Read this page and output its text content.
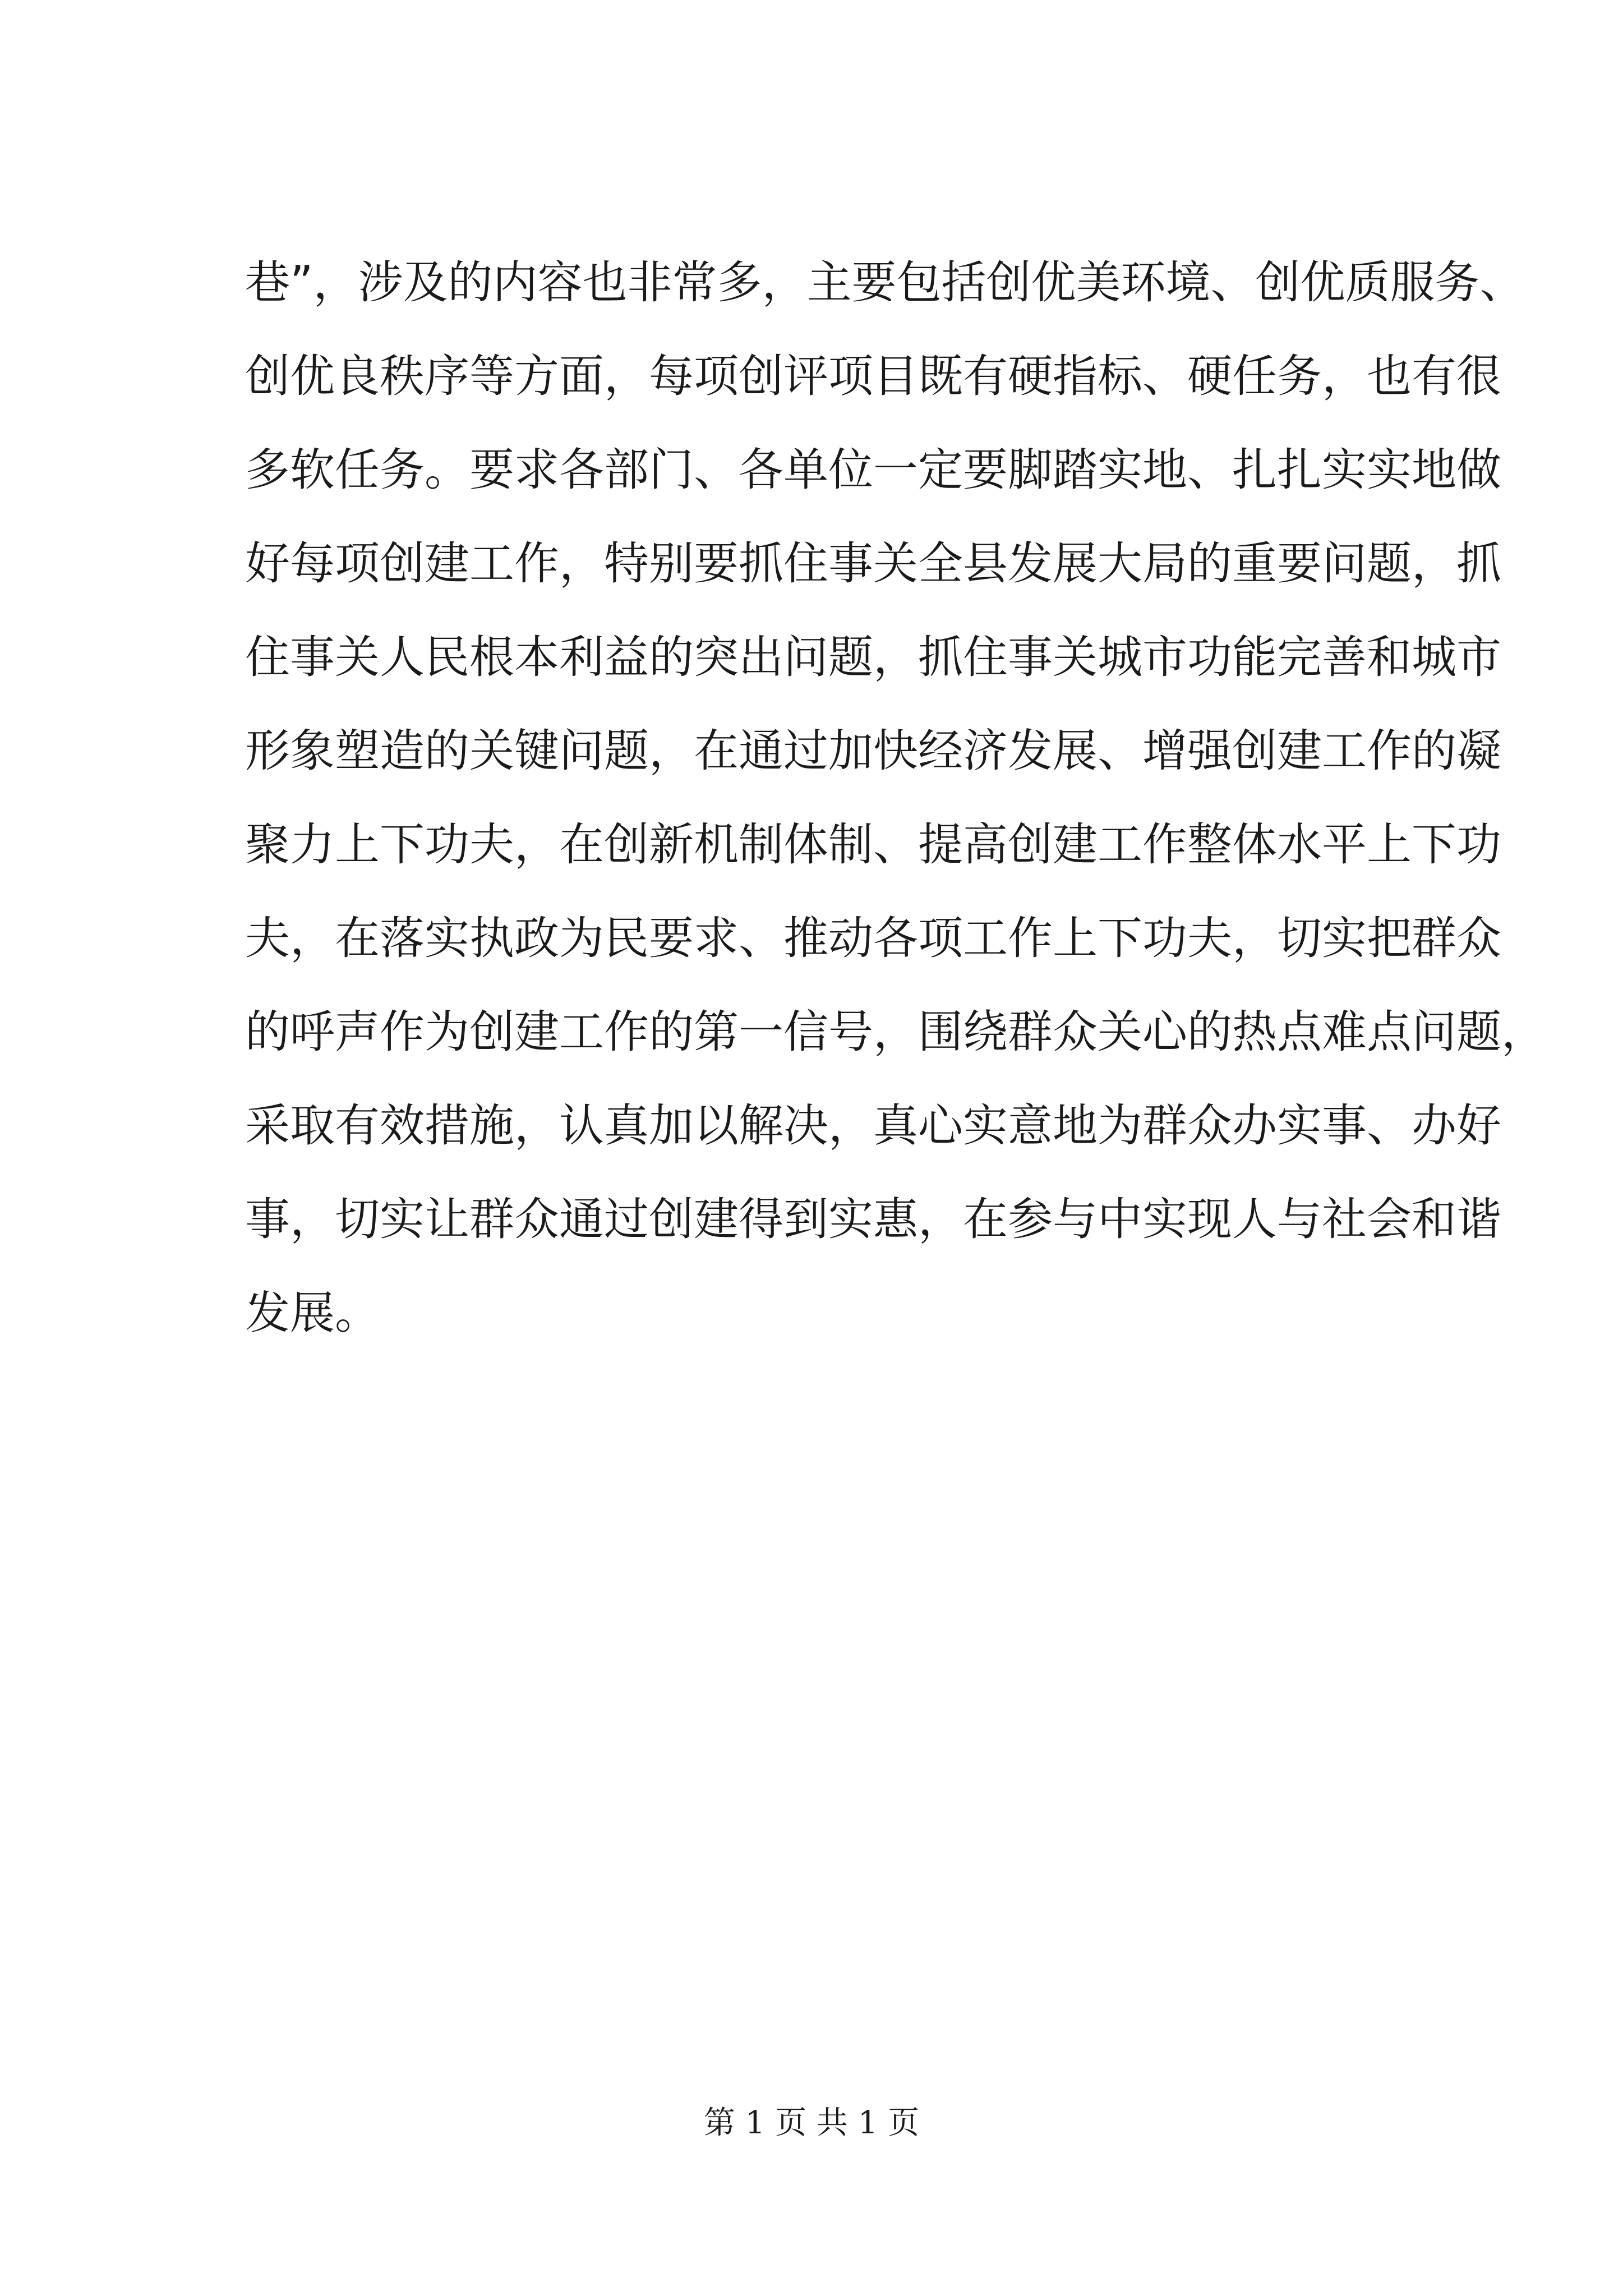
巷”，涉及的内容也非常多，主要包括创优美环境、创优质服务、
创优良秩序等方面，每项创评项目既有硬指标、硬任务，也有很
多软任务。要求各部门、各单位一定要脚踏实地、扎扎实实地做
好每项创建工作，特别要抓住事关全县发展大局的重要问题，抓
住事关人民根本利益的突出问题，抓住事关城市功能完善和城市
形象塑造的关键问题，在通过加快经济发展、增强创建工作的凝
聚力上下功夫，在创新机制体制、提高创建工作整体水平上下功
夫，在落实执政为民要求、推动各项工作上下功夫，切实把群众
的呼声作为创建工作的第一信号，围绕群众关心的热点难点问题，
采取有效措施，认真加以解决，真心实意地为群众办实事、办好
事，切实让群众通过创建得到实惠，在参与中实现人与社会和谐
发展。
第 1 页 共 1 页
